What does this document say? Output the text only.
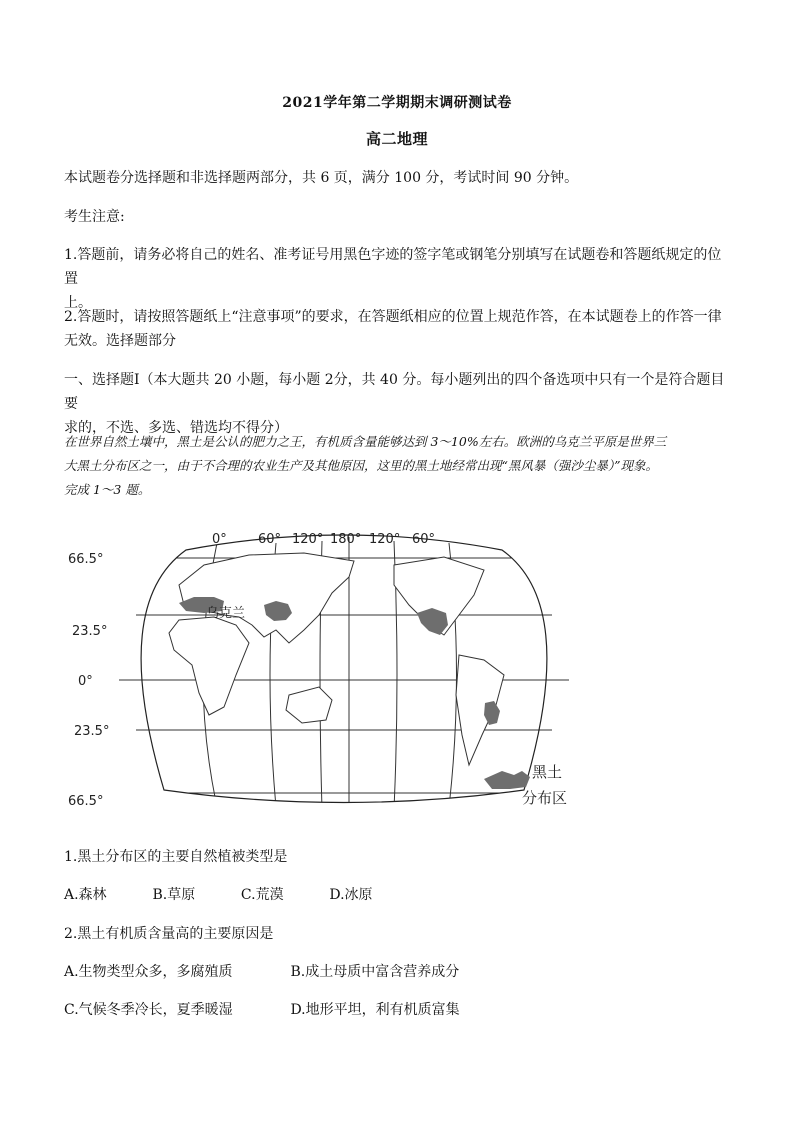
2021学年第二学期期末调研测试卷
高二地理
本试题卷分选择题和非选择题两部分，共 6 页，满分 100 分，考试时间 90 分钟。
考生注意:
1.答题前，请务必将自己的姓名、准考证号用黑色字迹的签字笔或钢笔分别填写在试题卷和答题纸规定的位置
上。
2.答题时，请按照答题纸上“注意事项”的要求，在答题纸相应的位置上规范作答，在本试题卷上的作答一律
无效。选择题部分
一、选择题Ⅰ（本大题共 20 小题，每小题 2分，共 40 分。每小题列出的四个备选项中只有一个是符合题目要
求的，不选、多选、错选均不得分）
在世界自然土壤中，黑土是公认的肥力之王，有机质含量能够达到 3～10%左右。欧洲的乌克兰平原是世界三
大黑土分布区之一，由于不合理的农业生产及其他原因，这里的黑土地经常出现“黑风暴（强沙尘暴）”现象。
完成 1～3 题。
0° 60° 120° 180° 120° 60°
66.5°
23.5°
0°
23.5°
66.5°
乌克兰
黑土
分布区
1.黑土分布区的主要自然植被类型是
A.森林	B.草原	C.荒漠	D.冰原
2.黑土有机质含量高的主要原因是
A.生物类型众多，多腐殖质	B.成土母质中富含营养成分
C.气候冬季冷长，夏季暖湿	D.地形平坦，利有机质富集
